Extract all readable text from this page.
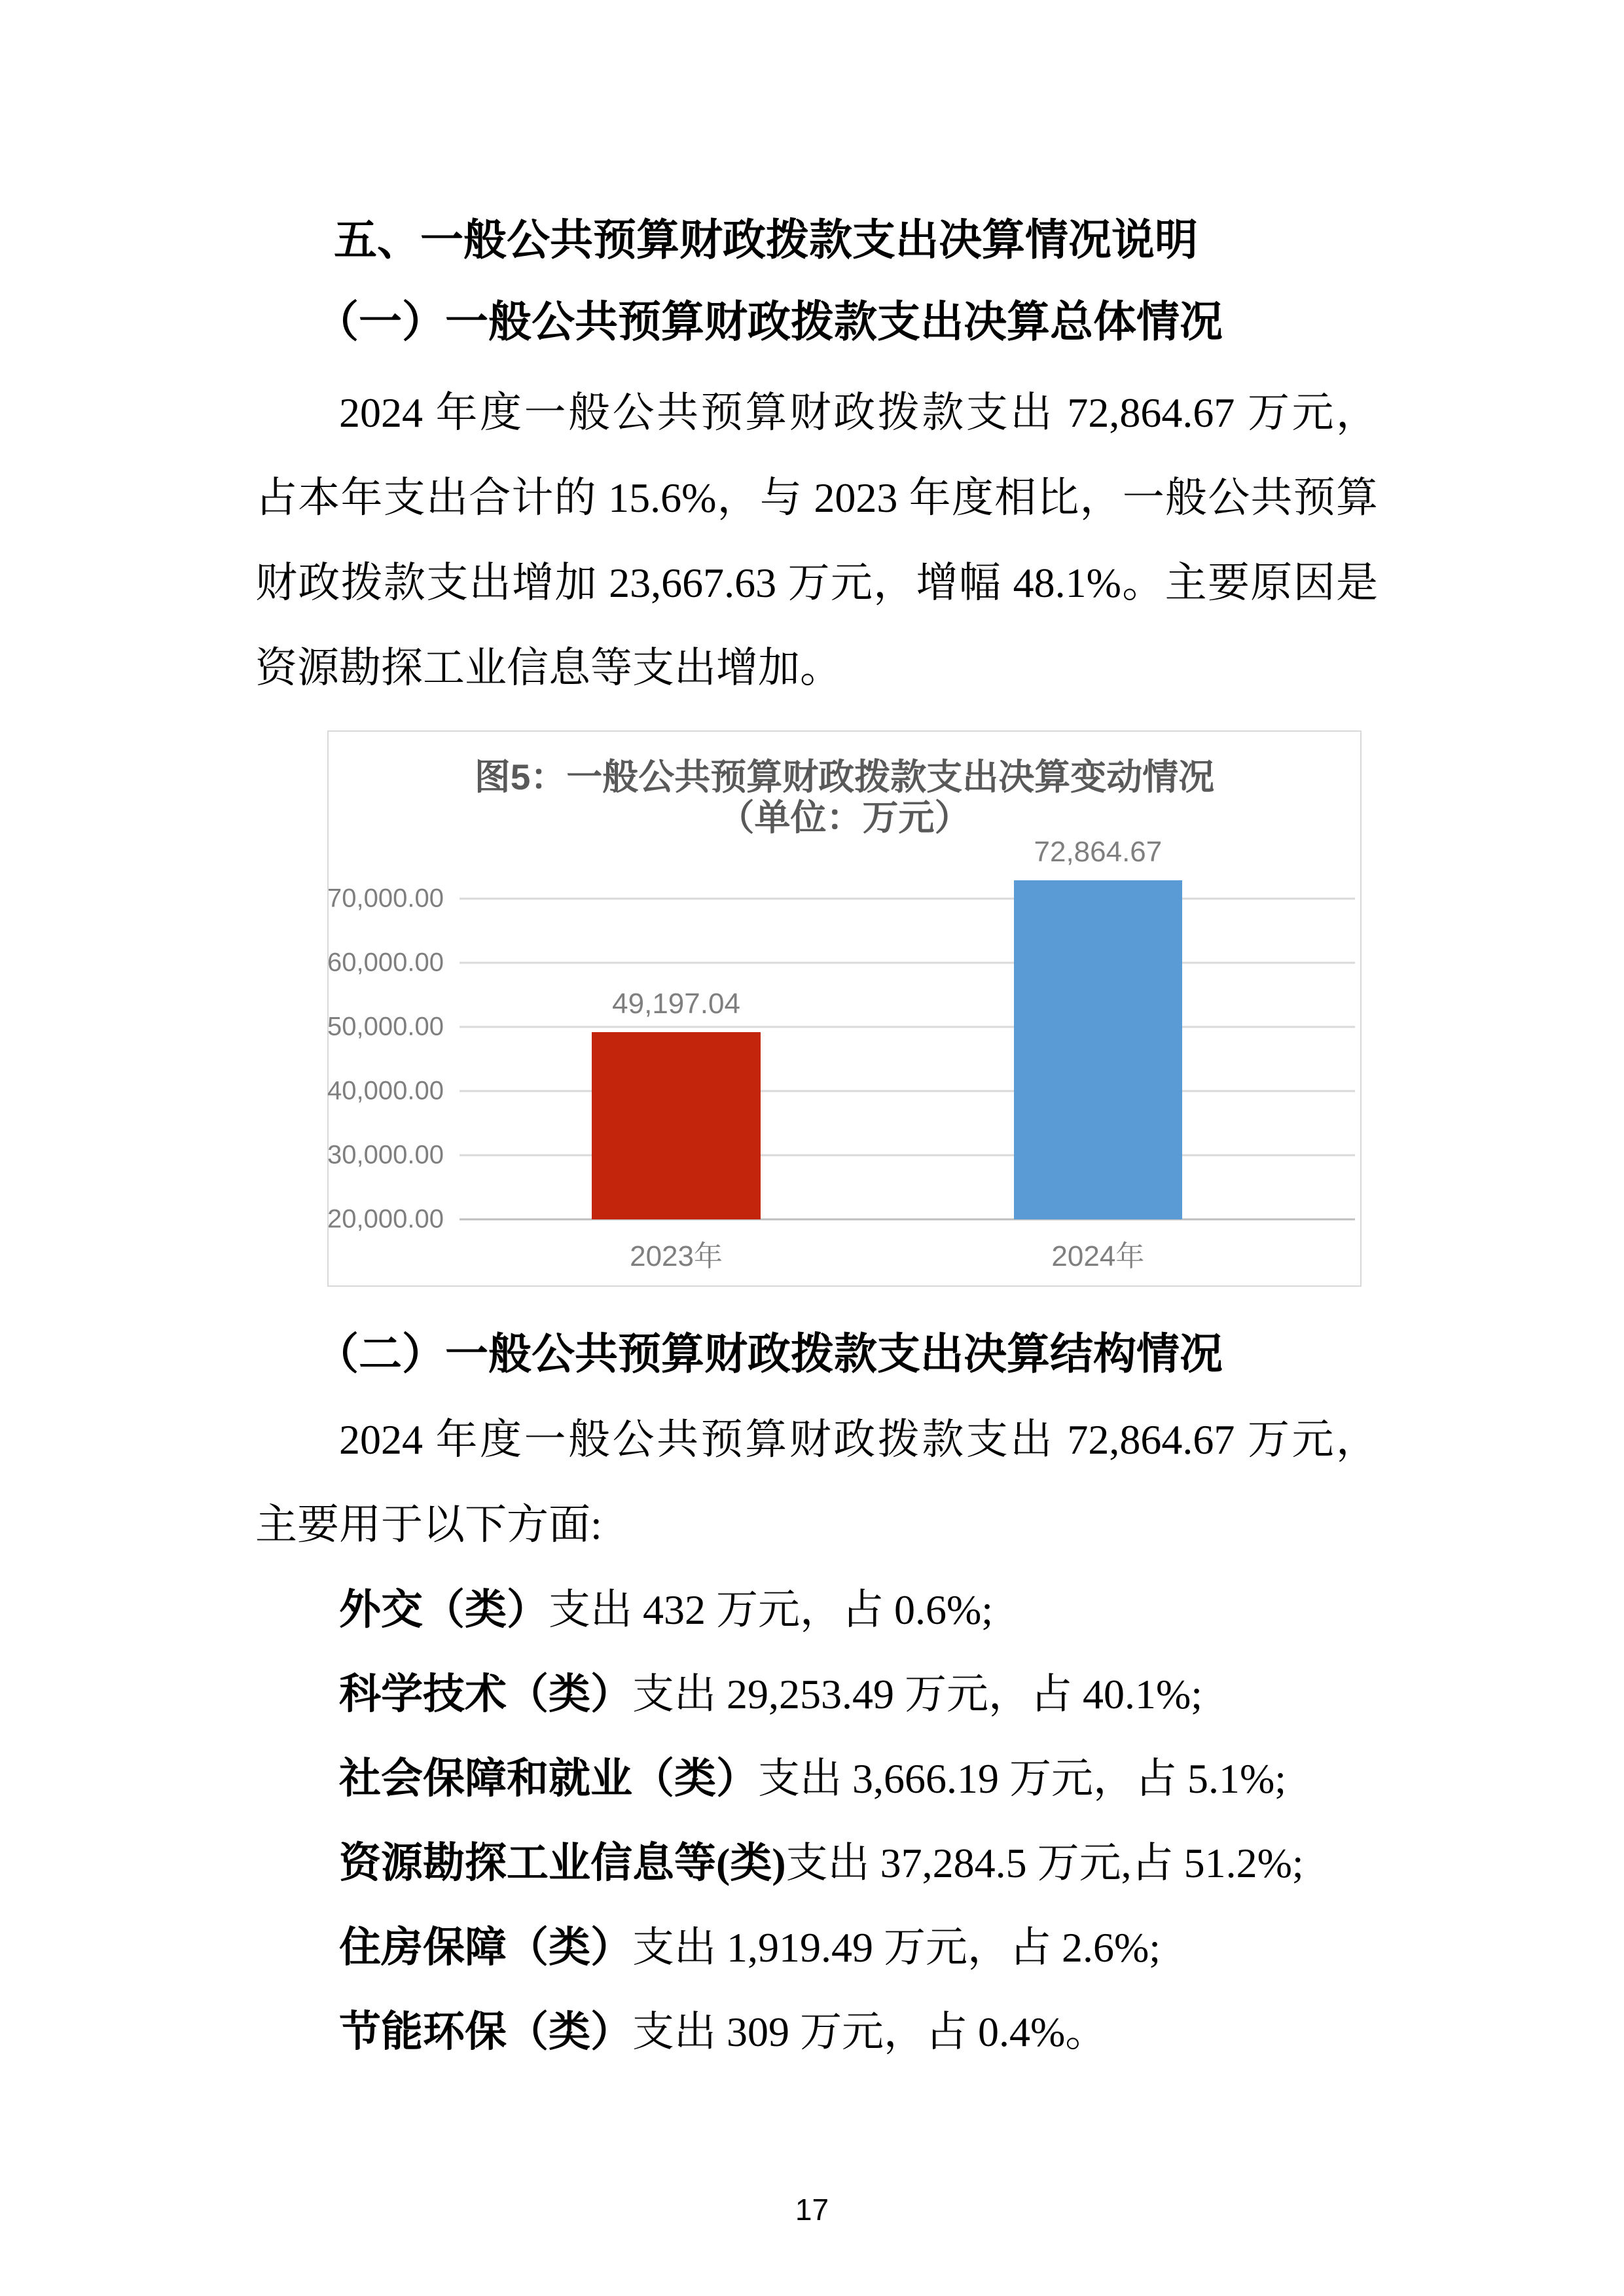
五、一般公共预算财政拨款支出决算情况说明
（一）一般公共预算财政拨款支出决算总体情况
2024 年度一般公共预算财政拨款支出 72,864.67 万元，
占本年支出合计的 15.6%，与 2023 年度相比，一般公共预算
财政拨款支出增加 23,667.63 万元，增幅 48.1%。主要原因是
资源勘探工业信息等支出增加。
图5：一般公共预算财政拨款支出决算变动情况
（单位：万元）
70,000.00
60,000.00
50,000.00
40,000.00
30,000.00
20,000.00
49,197.04
72,864.67
2023年	2024年
（二）一般公共预算财政拨款支出决算结构情况
2024 年度一般公共预算财政拨款支出 72,864.67 万元，
主要用于以下方面:
外交（类）支出 432 万元，占 0.6%;
科学技术（类）支出 29,253.49 万元，占 40.1%;
社会保障和就业（类）支出 3,666.19 万元，占 5.1%;
资源勘探工业信息等(类)支出 37,284.5 万元,占 51.2%;
住房保障（类）支出 1,919.49 万元，占 2.6%;
节能环保（类）支出 309 万元，占 0.4%。
17
